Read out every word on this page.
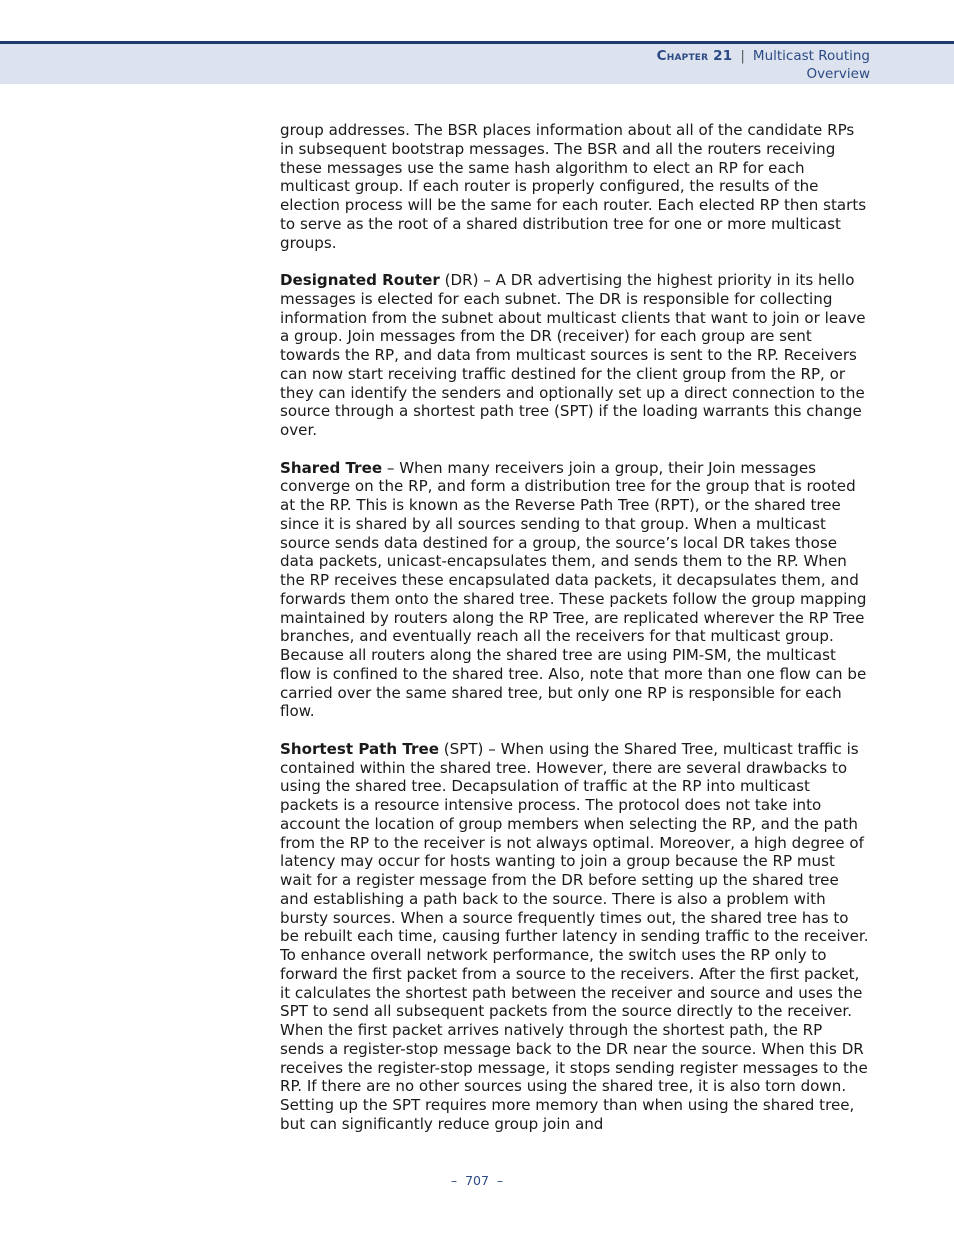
Chapter 21 | Multicast Routing
Overview

group addresses. The BSR places information about all of the candidate RPs in subsequent bootstrap messages. The BSR and all the routers receiving these messages use the same hash algorithm to elect an RP for each multicast group. If each router is properly configured, the results of the election process will be the same for each router. Each elected RP then starts to serve as the root of a shared distribution tree for one or more multicast groups.

Designated Router (DR) – A DR advertising the highest priority in its hello messages is elected for each subnet. The DR is responsible for collecting information from the subnet about multicast clients that want to join or leave a group. Join messages from the DR (receiver) for each group are sent towards the RP, and data from multicast sources is sent to the RP. Receivers can now start receiving traffic destined for the client group from the RP, or they can identify the senders and optionally set up a direct connection to the source through a shortest path tree (SPT) if the loading warrants this change over.

Shared Tree – When many receivers join a group, their Join messages converge on the RP, and form a distribution tree for the group that is rooted at the RP. This is known as the Reverse Path Tree (RPT), or the shared tree since it is shared by all sources sending to that group. When a multicast source sends data destined for a group, the source’s local DR takes those data packets, unicast-encapsulates them, and sends them to the RP. When the RP receives these encapsulated data packets, it decapsulates them, and forwards them onto the shared tree. These packets follow the group mapping maintained by routers along the RP Tree, are replicated wherever the RP Tree branches, and eventually reach all the receivers for that multicast group. Because all routers along the shared tree are using PIM-SM, the multicast flow is confined to the shared tree. Also, note that more than one flow can be carried over the same shared tree, but only one RP is responsible for each flow.

Shortest Path Tree (SPT) – When using the Shared Tree, multicast traffic is contained within the shared tree. However, there are several drawbacks to using the shared tree. Decapsulation of traffic at the RP into multicast packets is a resource intensive process. The protocol does not take into account the location of group members when selecting the RP, and the path from the RP to the receiver is not always optimal. Moreover, a high degree of latency may occur for hosts wanting to join a group because the RP must wait for a register message from the DR before setting up the shared tree and establishing a path back to the source. There is also a problem with bursty sources. When a source frequently times out, the shared tree has to be rebuilt each time, causing further latency in sending traffic to the receiver. To enhance overall network performance, the switch uses the RP only to forward the first packet from a source to the receivers. After the first packet, it calculates the shortest path between the receiver and source and uses the SPT to send all subsequent packets from the source directly to the receiver. When the first packet arrives natively through the shortest path, the RP sends a register-stop message back to the DR near the source. When this DR receives the register-stop message, it stops sending register messages to the RP. If there are no other sources using the shared tree, it is also torn down. Setting up the SPT requires more memory than when using the shared tree, but can significantly reduce group join and

– 707 –
